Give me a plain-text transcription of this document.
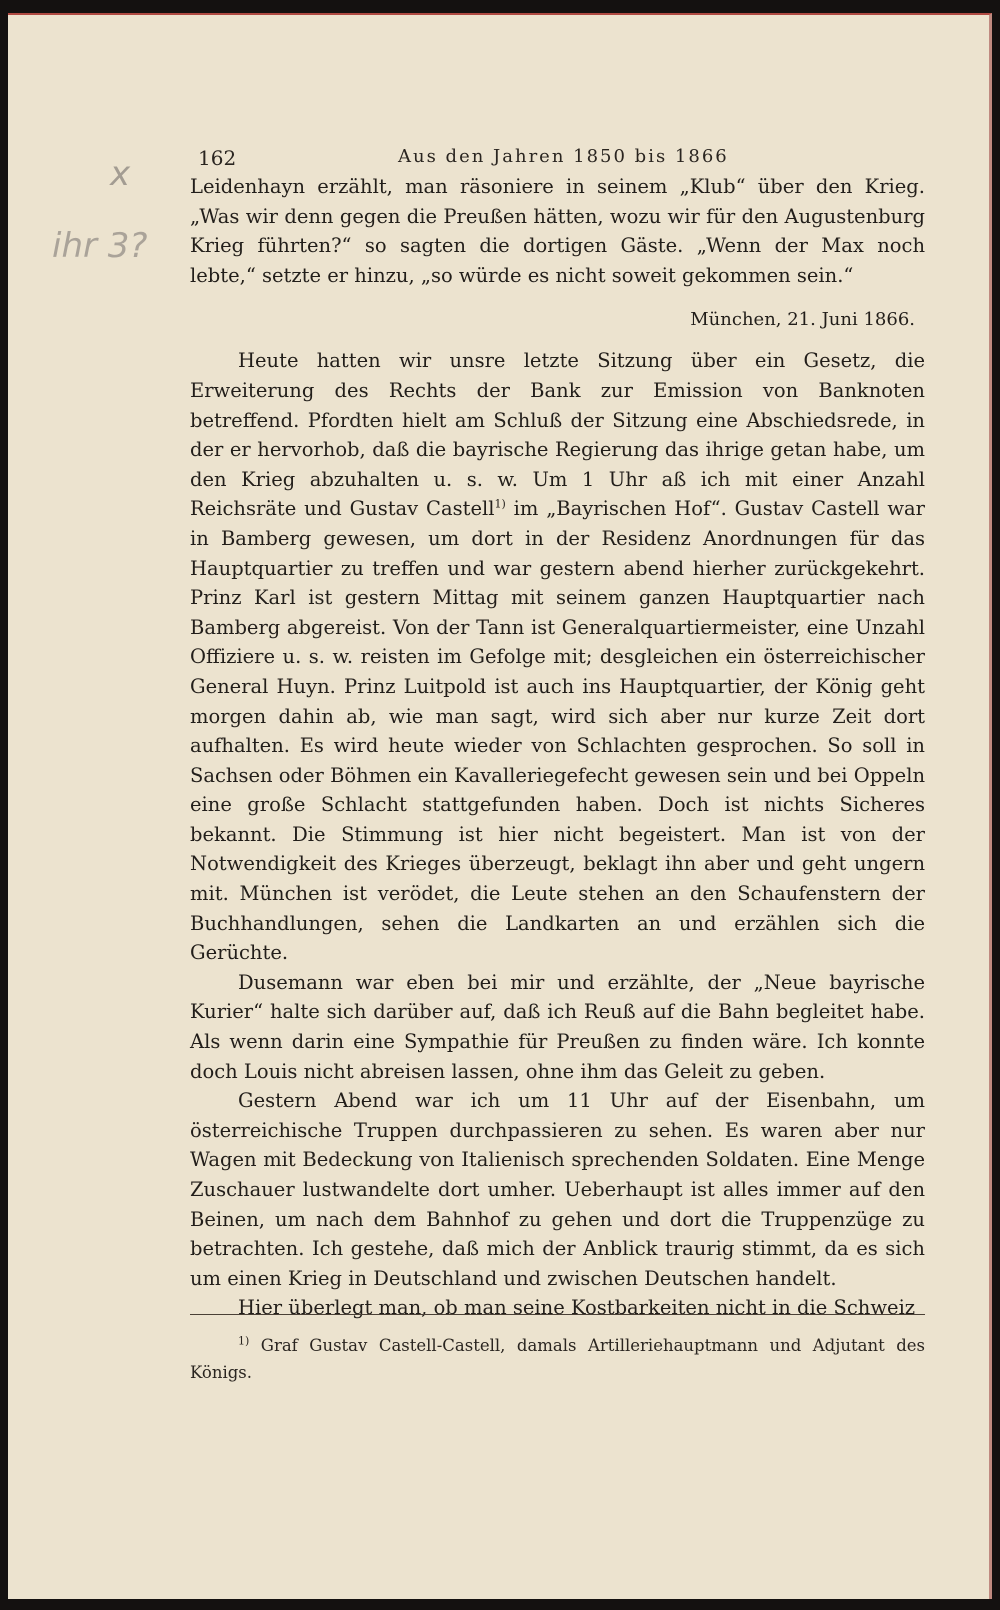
x
ihr 3?
162	Aus den Jahren 1850 bis 1866

Leidenhayn erzählt, man räsoniere in seinem „Klub“ über den Krieg. „Was wir denn gegen die Preußen hätten, wozu wir für den Augustenburg Krieg führten?“ so sagten die dortigen Gäste. „Wenn der Max noch lebte,“ setzte er hinzu, „so würde es nicht soweit gekommen sein.“

München, 21. Juni 1866.

Heute hatten wir unsre letzte Sitzung über ein Gesetz, die Erweiterung des Rechts der Bank zur Emission von Banknoten betreffend. Pfordten hielt am Schluß der Sitzung eine Abschiedsrede, in der er hervorhob, daß die bayrische Regierung das ihrige getan habe, um den Krieg abzuhalten u. s. w. Um 1 Uhr aß ich mit einer Anzahl Reichsräte und Gustav Castell$^{1)}$ im „Bayrischen Hof“. Gustav Castell war in Bamberg gewesen, um dort in der Residenz Anordnungen für das Hauptquartier zu treffen und war gestern abend hierher zurückgekehrt. Prinz Karl ist gestern Mittag mit seinem ganzen Hauptquartier nach Bamberg abgereist. Von der Tann ist Generalquartiermeister, eine Unzahl Offiziere u. s. w. reisten im Gefolge mit; desgleichen ein österreichischer General Huyn. Prinz Luitpold ist auch ins Hauptquartier, der König geht morgen dahin ab, wie man sagt, wird sich aber nur kurze Zeit dort aufhalten. Es wird heute wieder von Schlachten gesprochen. So soll in Sachsen oder Böhmen ein Kavalleriegefecht gewesen sein und bei Oppeln eine große Schlacht stattgefunden haben. Doch ist nichts Sicheres bekannt. Die Stimmung ist hier nicht begeistert. Man ist von der Notwendigkeit des Krieges überzeugt, beklagt ihn aber und geht ungern mit. München ist verödet, die Leute stehen an den Schaufenstern der Buchhandlungen, sehen die Landkarten an und erzählen sich die Gerüchte.

Dusemann war eben bei mir und erzählte, der „Neue bayrische Kurier“ halte sich darüber auf, daß ich Reuß auf die Bahn begleitet habe. Als wenn darin eine Sympathie für Preußen zu finden wäre. Ich konnte doch Louis nicht abreisen lassen, ohne ihm das Geleit zu geben.

Gestern Abend war ich um 11 Uhr auf der Eisenbahn, um österreichische Truppen durchpassieren zu sehen. Es waren aber nur Wagen mit Bedeckung von Italienisch sprechenden Soldaten. Eine Menge Zuschauer lustwandelte dort umher. Ueberhaupt ist alles immer auf den Beinen, um nach dem Bahnhof zu gehen und dort die Truppenzüge zu betrachten. Ich gestehe, daß mich der Anblick traurig stimmt, da es sich um einen Krieg in Deutschland und zwischen Deutschen handelt.

Hier überlegt man, ob man seine Kostbarkeiten nicht in die Schweiz

$^{1)}$ Graf Gustav Castell-Castell, damals Artilleriehauptmann und Adjutant des Königs.
